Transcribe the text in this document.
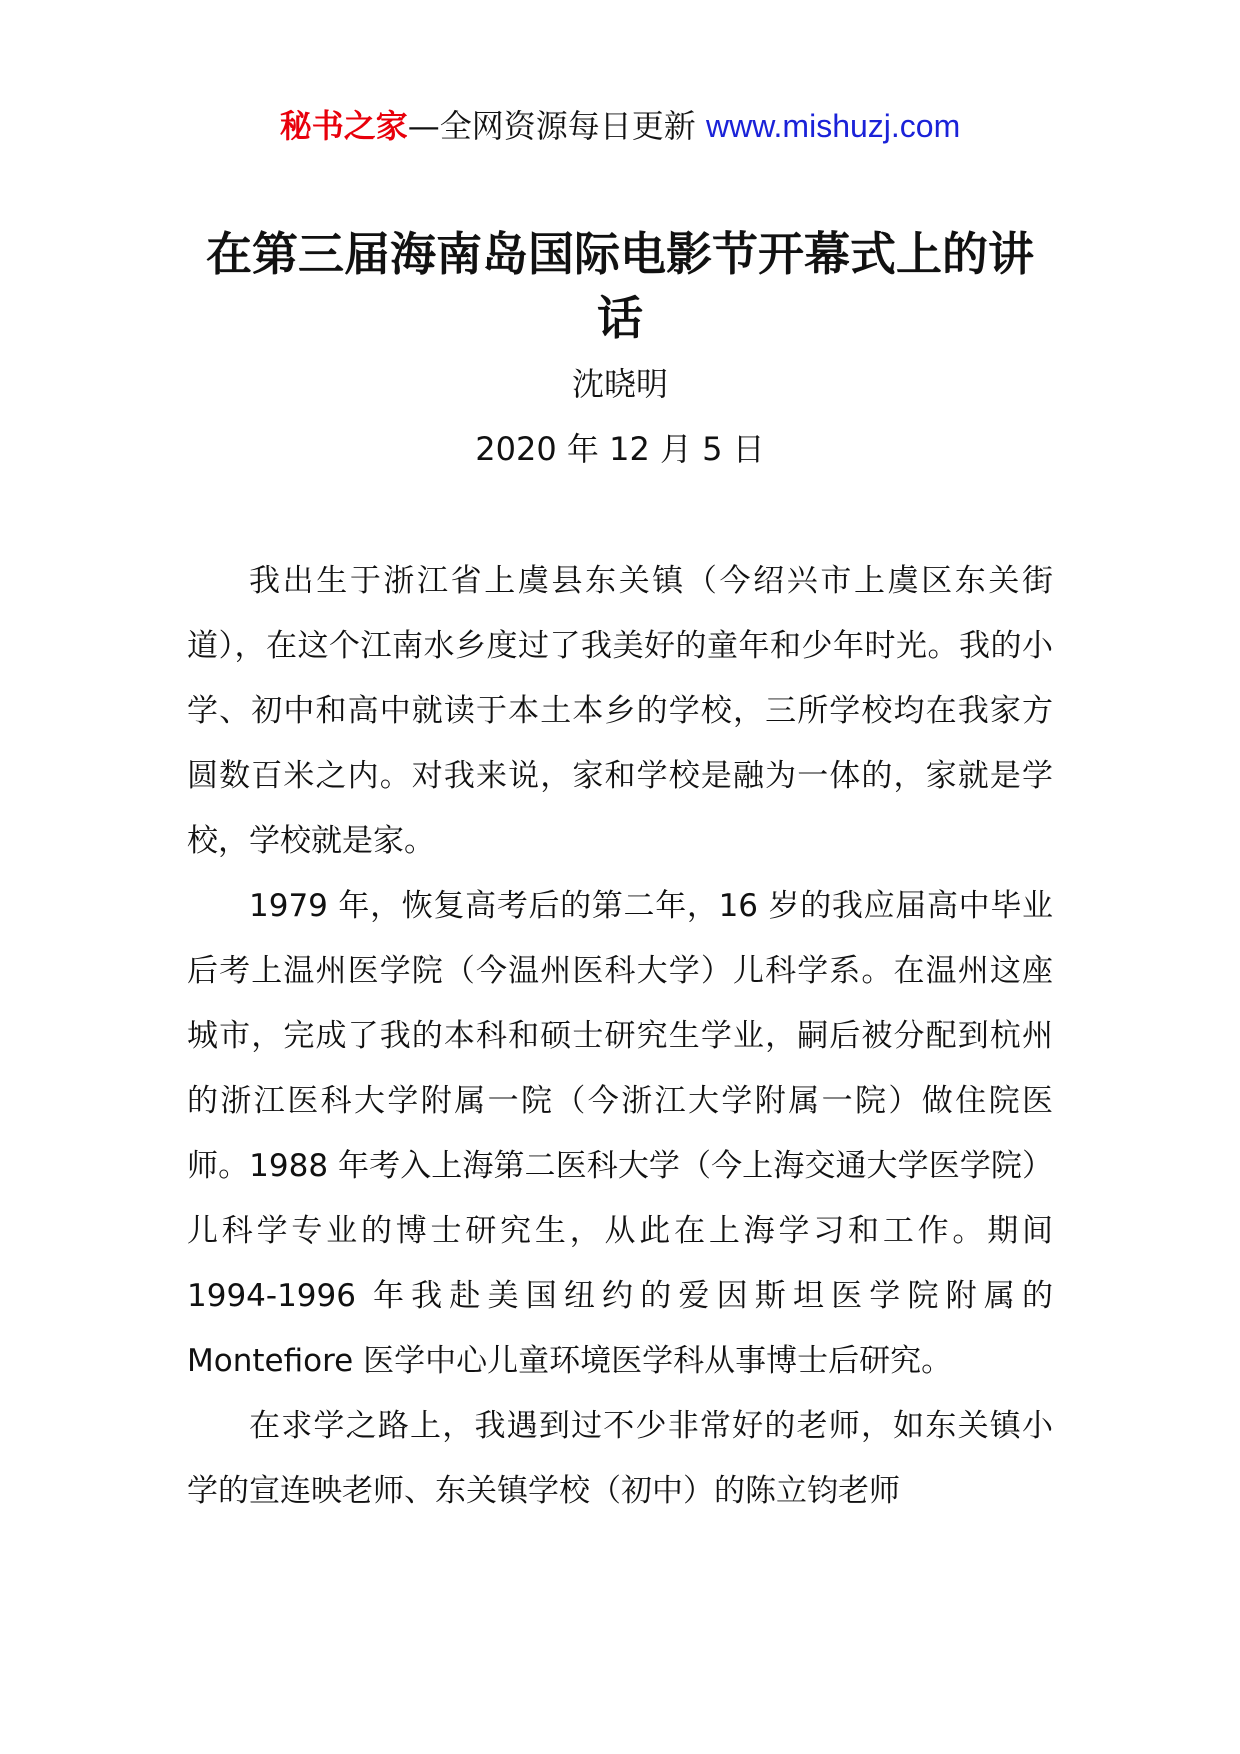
秘书之家—全网资源每日更新 www.mishuzj.com
在第三届海南岛国际电影节开幕式上的讲话
沈晓明
2020 年 12 月 5 日

我出生于浙江省上虞县东关镇（今绍兴市上虞区东关街道），在这个江南水乡度过了我美好的童年和少年时光。我的小学、初中和高中就读于本土本乡的学校，三所学校均在我家方圆数百米之内。对我来说，家和学校是融为一体的，家就是学校，学校就是家。

1979 年，恢复高考后的第二年，16 岁的我应届高中毕业后考上温州医学院（今温州医科大学）儿科学系。在温州这座城市，完成了我的本科和硕士研究生学业，嗣后被分配到杭州的浙江医科大学附属一院（今浙江大学附属一院）做住院医师。1988 年考入上海第二医科大学（今上海交通大学医学院）儿科学专业的博士研究生，从此在上海学习和工作。期间 1994-1996 年我赴美国纽约的爱因斯坦医学院附属的 Montefiore 医学中心儿童环境医学科从事博士后研究。

在求学之路上，我遇到过不少非常好的老师，如东关镇小学的宣连映老师、东关镇学校（初中）的陈立钧老师
